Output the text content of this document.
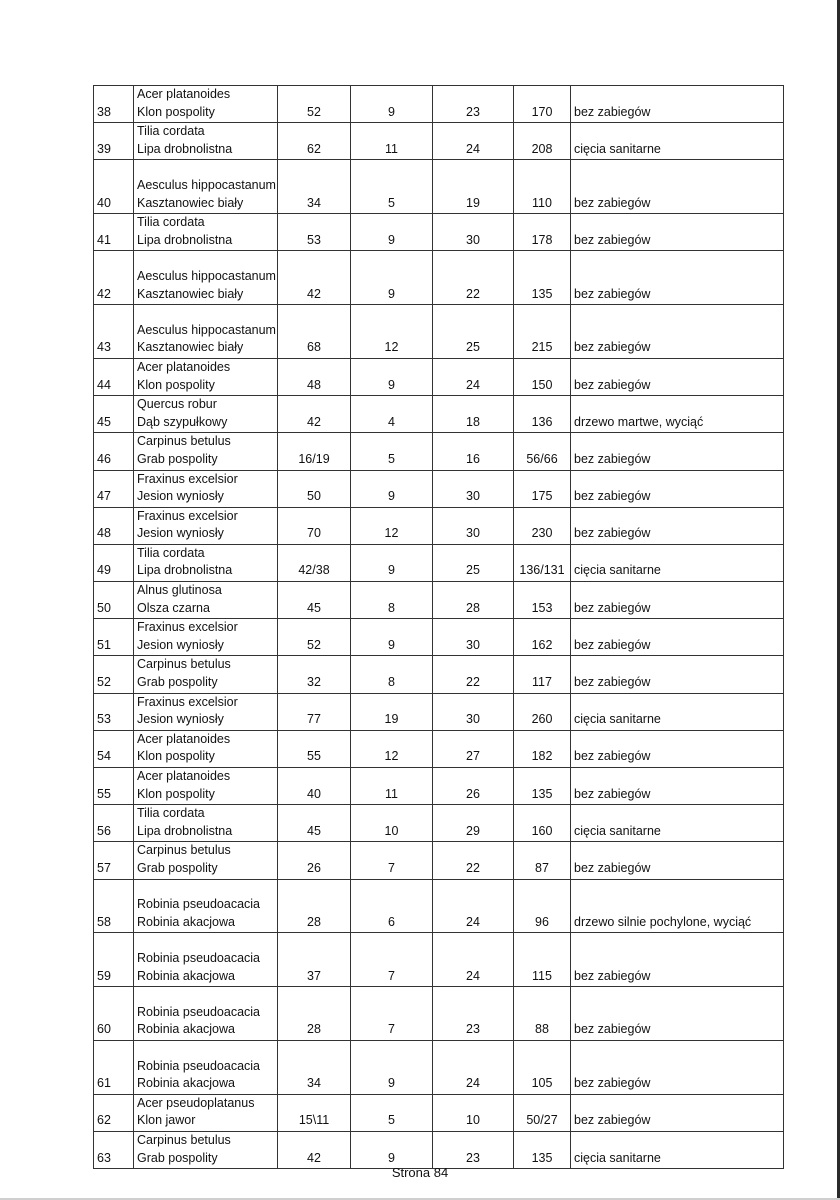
38	Acer platanoides
Klon pospolity	52	9	23	170	bez zabiegów
39	Tilia cordata
Lipa drobnolistna	62	11	24	208	cięcia sanitarne
40	Aesculus hippocastanum
Kasztanowiec biały	34	5	19	110	bez zabiegów
41	Tilia cordata
Lipa drobnolistna	53	9	30	178	bez zabiegów
42	Aesculus hippocastanum
Kasztanowiec biały	42	9	22	135	bez zabiegów
43	Aesculus hippocastanum
Kasztanowiec biały	68	12	25	215	bez zabiegów
44	Acer platanoides
Klon pospolity	48	9	24	150	bez zabiegów
45	Quercus robur
Dąb szypułkowy	42	4	18	136	drzewo martwe, wyciąć
46	Carpinus betulus
Grab pospolity	16/19	5	16	56/66	bez zabiegów
47	Fraxinus excelsior
Jesion wyniosły	50	9	30	175	bez zabiegów
48	Fraxinus excelsior
Jesion wyniosły	70	12	30	230	bez zabiegów
49	Tilia cordata
Lipa drobnolistna	42/38	9	25	136/131	cięcia sanitarne
50	Alnus glutinosa
Olsza czarna	45	8	28	153	bez zabiegów
51	Fraxinus excelsior
Jesion wyniosły	52	9	30	162	bez zabiegów
52	Carpinus betulus
Grab pospolity	32	8	22	117	bez zabiegów
53	Fraxinus excelsior
Jesion wyniosły	77	19	30	260	cięcia sanitarne
54	Acer platanoides
Klon pospolity	55	12	27	182	bez zabiegów
55	Acer platanoides
Klon pospolity	40	11	26	135	bez zabiegów
56	Tilia cordata
Lipa drobnolistna	45	10	29	160	cięcia sanitarne
57	Carpinus betulus
Grab pospolity	26	7	22	87	bez zabiegów
58	Robinia pseudoacacia
Robinia akacjowa	28	6	24	96	drzewo silnie pochylone, wyciąć
59	Robinia pseudoacacia
Robinia akacjowa	37	7	24	115	bez zabiegów
60	Robinia pseudoacacia
Robinia akacjowa	28	7	23	88	bez zabiegów
61	Robinia pseudoacacia
Robinia akacjowa	34	9	24	105	bez zabiegów
62	Acer pseudoplatanus
Klon jawor	15\11	5	10	50/27	bez zabiegów
63	Carpinus betulus
Grab pospolity	42	9	23	135	cięcia sanitarne
Strona 84
